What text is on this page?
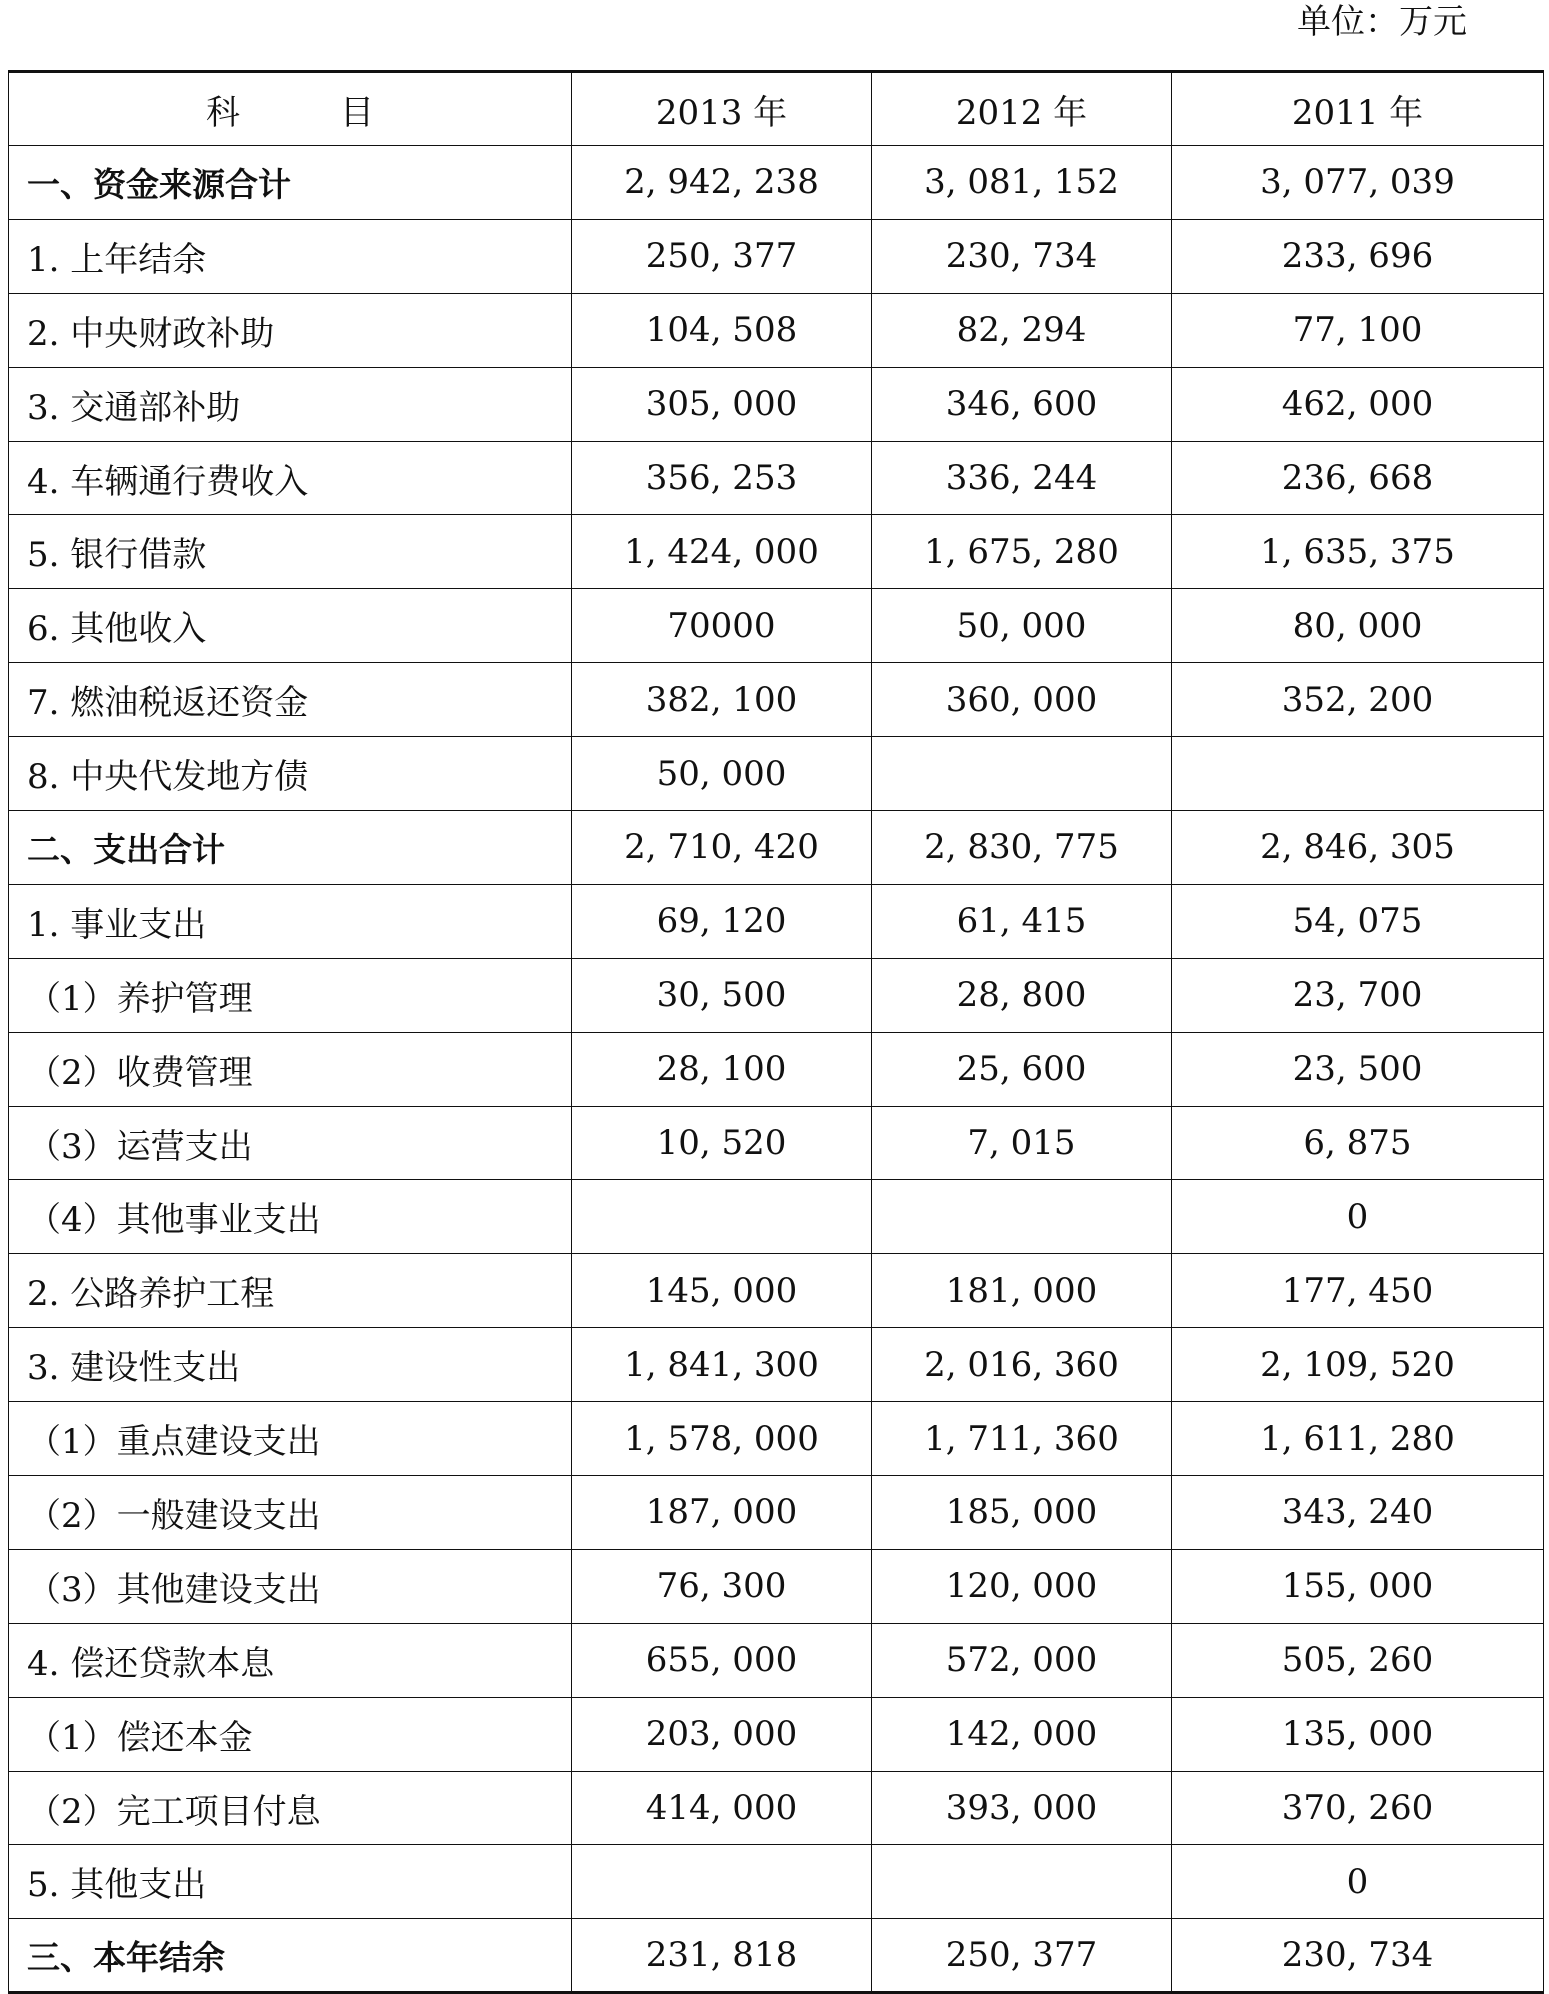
单位：万元
科 目	2013 年	2012 年	2011 年
一、资金来源合计	2, 942, 238	3, 081, 152	3, 077, 039
1. 上年结余	250, 377	230, 734	233, 696
2. 中央财政补助	104, 508	82, 294	77, 100
3. 交通部补助	305, 000	346, 600	462, 000
4. 车辆通行费收入	356, 253	336, 244	236, 668
5. 银行借款	1, 424, 000	1, 675, 280	1, 635, 375
6. 其他收入	70000	50, 000	80, 000
7. 燃油税返还资金	382, 100	360, 000	352, 200
8. 中央代发地方债	50, 000		
二、支出合计	2, 710, 420	2, 830, 775	2, 846, 305
1. 事业支出	69, 120	61, 415	54, 075
（1）养护管理	30, 500	28, 800	23, 700
（2）收费管理	28, 100	25, 600	23, 500
（3）运营支出	10, 520	7, 015	6, 875
（4）其他事业支出			0
2. 公路养护工程	145, 000	181, 000	177, 450
3. 建设性支出	1, 841, 300	2, 016, 360	2, 109, 520
（1）重点建设支出	1, 578, 000	1, 711, 360	1, 611, 280
（2）一般建设支出	187, 000	185, 000	343, 240
（3）其他建设支出	76, 300	120, 000	155, 000
4. 偿还贷款本息	655, 000	572, 000	505, 260
（1）偿还本金	203, 000	142, 000	135, 000
（2）完工项目付息	414, 000	393, 000	370, 260
5. 其他支出			0
三、本年结余	231, 818	250, 377	230, 734
